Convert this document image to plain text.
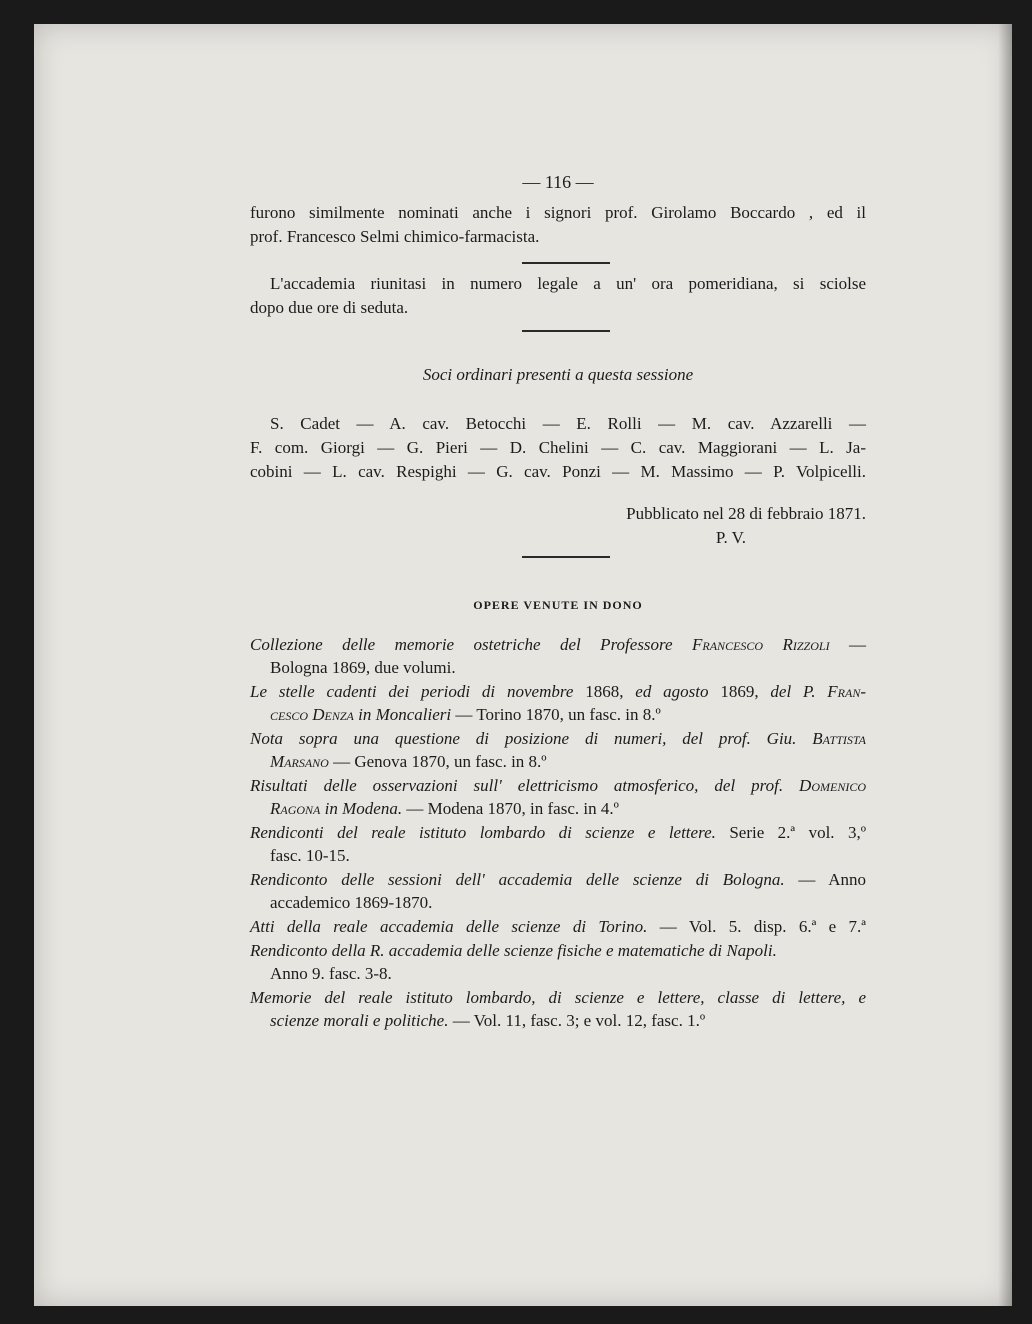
— 116 —
furono similmente nominati anche i signori prof. Girolamo Boccardo , ed il
prof. Francesco Selmi chimico-farmacista.
L'accademia riunitasi in numero legale a un' ora pomeridiana, si sciolse
dopo due ore di seduta.
Soci ordinari presenti a questa sessione
S. Cadet — A. cav. Betocchi — E. Rolli — M. cav. Azzarelli —
F. com. Giorgi — G. Pieri — D. Chelini — C. cav. Maggiorani — L. Ja-
cobini — L. cav. Respighi — G. cav. Ponzi — M. Massimo — P. Volpicelli.
Pubblicato nel 28 di febbraio 1871.
P. V.
OPERE VENUTE IN DONO
Collezione delle memorie ostetriche del Professore Francesco Rizzoli —
Bologna 1869, due volumi.
Le stelle cadenti dei periodi di novembre 1868, ed agosto 1869, del P. Fran-
cesco Denza in Moncalieri — Torino 1870, un fasc. in 8.º
Nota sopra una questione di posizione di numeri, del prof. Giu. Battista
Marsano — Genova 1870, un fasc. in 8.º
Risultati delle osservazioni sull' elettricismo atmosferico, del prof. Domenico
Ragona in Modena. — Modena 1870, in fasc. in 4.º
Rendiconti del reale istituto lombardo di scienze e lettere. Serie 2.ª vol. 3,º
fasc. 10-15.
Rendiconto delle sessioni dell' accademia delle scienze di Bologna. — Anno
accademico 1869-1870.
Atti della reale accademia delle scienze di Torino. — Vol. 5. disp. 6.ª e 7.ª
Rendiconto della R. accademia delle scienze fisiche e matematiche di Napoli.
Anno 9. fasc. 3-8.
Memorie del reale istituto lombardo, di scienze e lettere, classe di lettere, e
scienze morali e politiche. — Vol. 11, fasc. 3; e vol. 12, fasc. 1.º
